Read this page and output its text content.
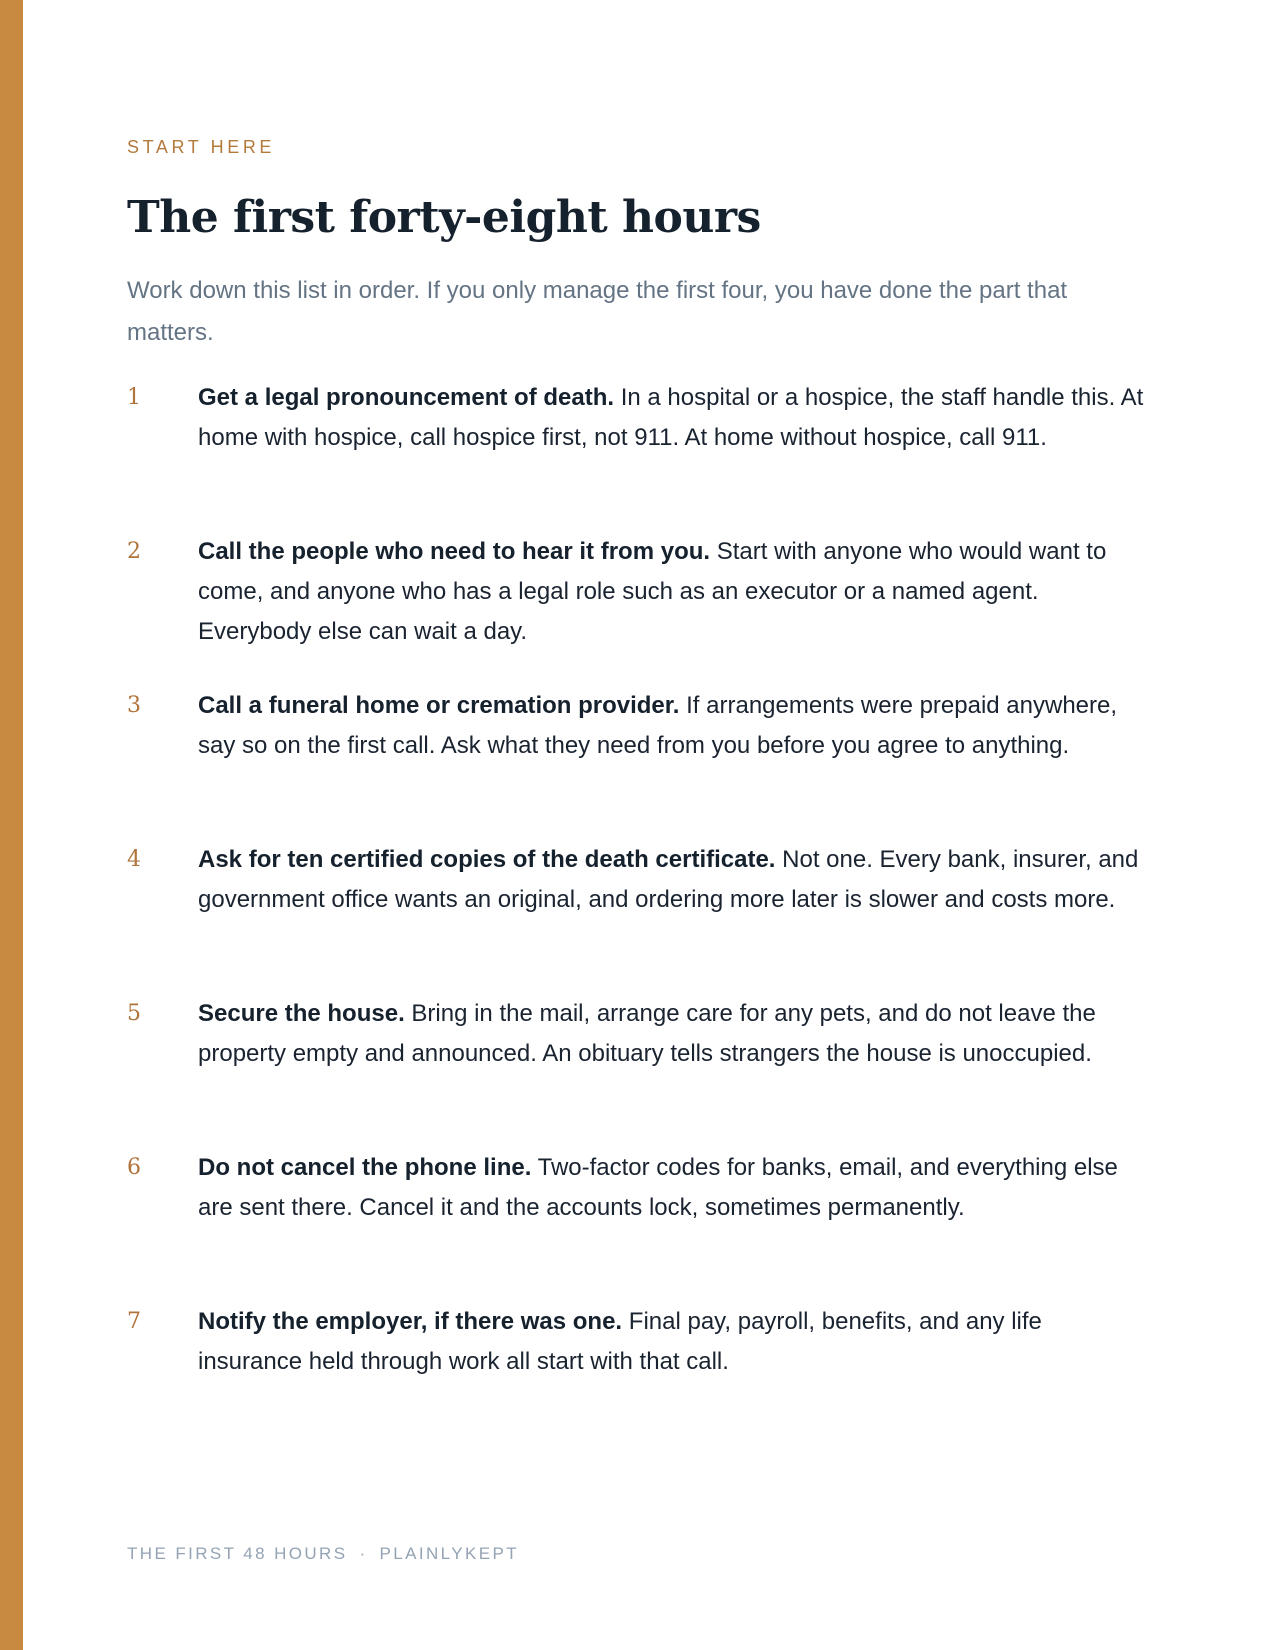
START HERE
The first forty-eight hours

Work down this list in order. If you only manage the first four, you have done the part that matters.

1 Get a legal pronouncement of death. In a hospital or a hospice, the staff handle this. At home with hospice, call hospice first, not 911. At home without hospice, call 911.
2 Call the people who need to hear it from you. Start with anyone who would want to come, and anyone who has a legal role such as an executor or a named agent. Everybody else can wait a day.
3 Call a funeral home or cremation provider. If arrangements were prepaid anywhere, say so on the first call. Ask what they need from you before you agree to anything.
4 Ask for ten certified copies of the death certificate. Not one. Every bank, insurer, and government office wants an original, and ordering more later is slower and costs more.
5 Secure the house. Bring in the mail, arrange care for any pets, and do not leave the property empty and announced. An obituary tells strangers the house is unoccupied.
6 Do not cancel the phone line. Two-factor codes for banks, email, and everything else are sent there. Cancel it and the accounts lock, sometimes permanently.
7 Notify the employer, if there was one. Final pay, payroll, benefits, and any life insurance held through work all start with that call.
THE FIRST 48 HOURS · PLAINLYKEPT
